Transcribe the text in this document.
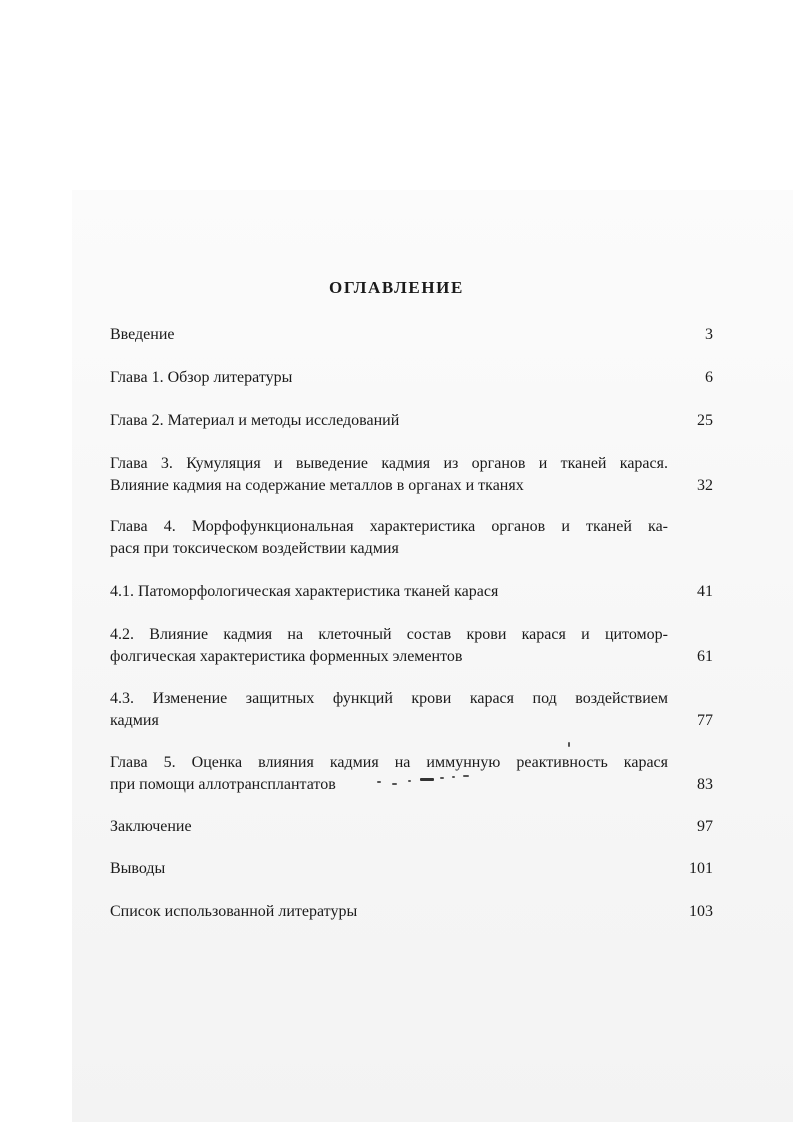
ОГЛАВЛЕНИЕ
Введение	3
Глава 1. Обзор литературы	6
Глава 2. Материал и методы исследований	25
Глава 3. Кумуляция и выведение кадмия из органов и тканей карася.
Влияние кадмия на содержание металлов в органах и тканях	32
Глава 4. Морфофункциональная характеристика органов и тканей ка-
рася при токсическом воздействии кадмия
4.1. Патоморфологическая характеристика тканей карася	41
4.2. Влияние кадмия на клеточный состав крови карася и цитомор-
фолгическая характеристика форменных элементов	61
4.3. Изменение защитных функций крови карася под воздействием
кадмия	77
Глава 5. Оценка влияния кадмия на иммунную реактивность карася
при помощи аллотрансплантатов	83
Заключение	97
Выводы	101
Список использованной литературы	103
